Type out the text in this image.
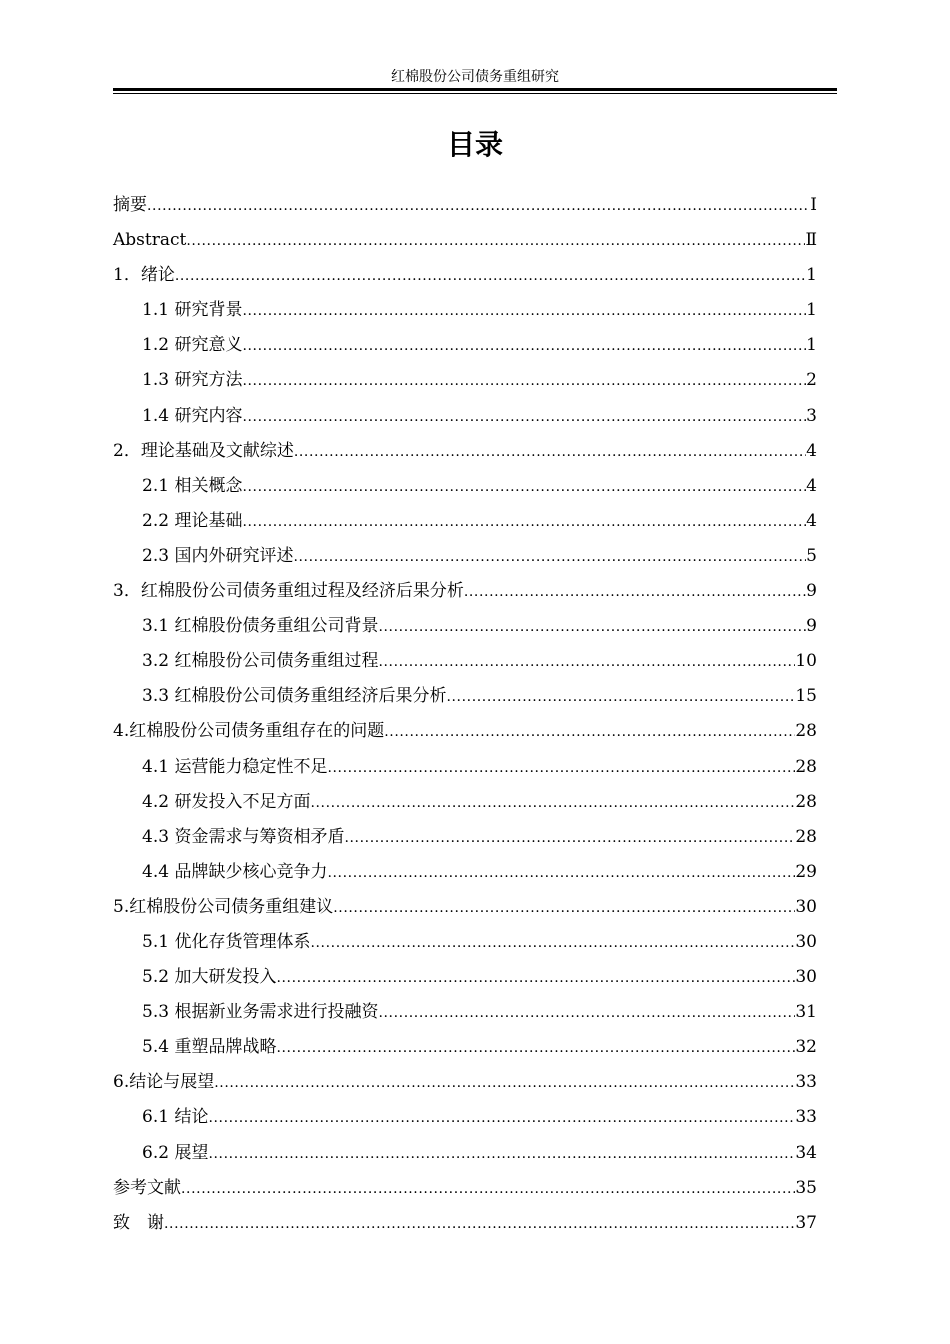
红棉股份公司债务重组研究
目录
摘要 .....	Ⅰ
Abstract .....	Ⅱ
1．绪论 .....	1
1.1 研究背景 .....	1
1.2 研究意义 .....	1
1.3 研究方法 .....	2
1.4 研究内容 .....	3
2．理论基础及文献综述 .....	4
2.1 相关概念 .....	4
2.2 理论基础 .....	4
2.3 国内外研究评述 .....	5
3．红棉股份公司债务重组过程及经济后果分析 .....	9
3.1 红棉股份债务重组公司背景 .....	9
3.2 红棉股份公司债务重组过程 .....	10
3.3 红棉股份公司债务重组经济后果分析 .....	15
4.红棉股份公司债务重组存在的问题 .....	28
4.1 运营能力稳定性不足 .....	28
4.2 研发投入不足方面 .....	28
4.3 资金需求与筹资相矛盾 .....	28
4.4 品牌缺少核心竞争力 .....	29
5.红棉股份公司债务重组建议 .....	30
5.1 优化存货管理体系 .....	30
5.2 加大研发投入 .....	30
5.3 根据新业务需求进行投融资 .....	31
5.4 重塑品牌战略 .....	32
6.结论与展望 .....	33
6.1 结论 .....	33
6.2 展望 .....	34
参考文献 .....	35
致　谢 .....	37
